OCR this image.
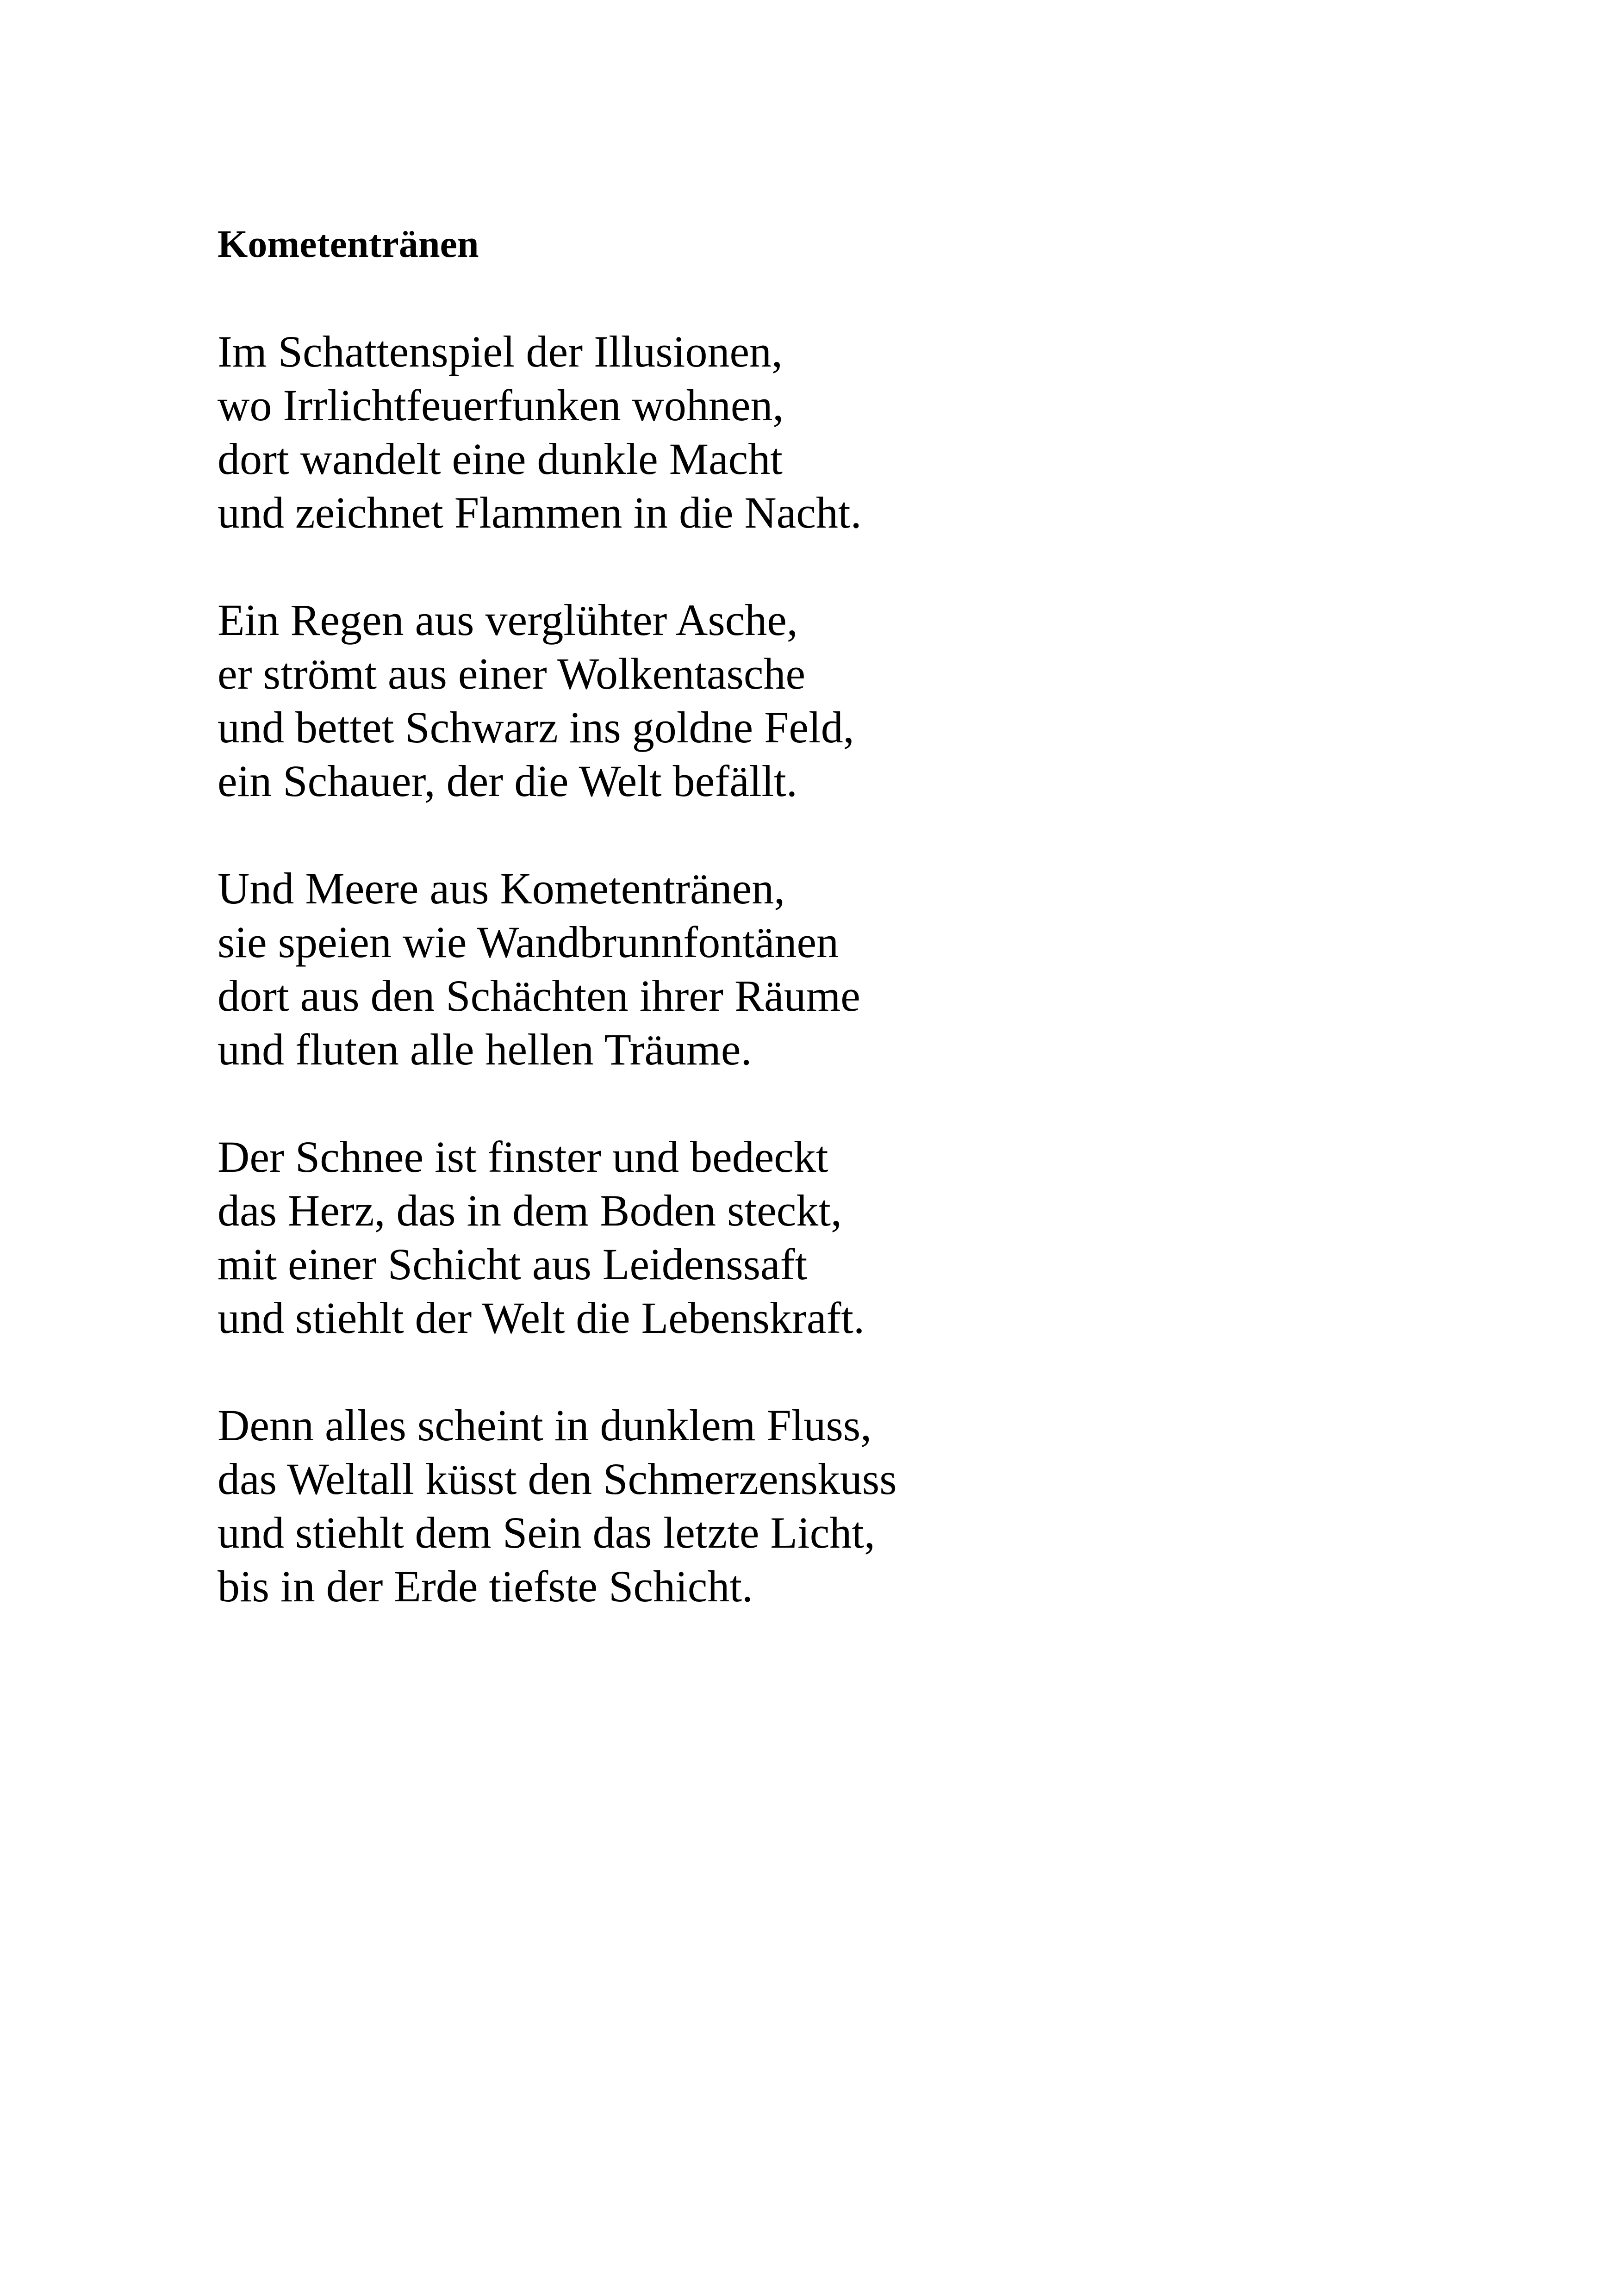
Kometentränen
Im Schattenspiel der Illusionen,
wo Irrlichtfeuerfunken wohnen,
dort wandelt eine dunkle Macht
und zeichnet Flammen in die Nacht.
Ein Regen aus verglühter Asche,
er strömt aus einer Wolkentasche
und bettet Schwarz ins goldne Feld,
ein Schauer, der die Welt befällt.
Und Meere aus Kometentränen,
sie speien wie Wandbrunnfontänen
dort aus den Schächten ihrer Räume
und fluten alle hellen Träume.
Der Schnee ist finster und bedeckt
das Herz, das in dem Boden steckt,
mit einer Schicht aus Leidenssaft
und stiehlt der Welt die Lebenskraft.
Denn alles scheint in dunklem Fluss,
das Weltall küsst den Schmerzenskuss
und stiehlt dem Sein das letzte Licht,
bis in der Erde tiefste Schicht.
